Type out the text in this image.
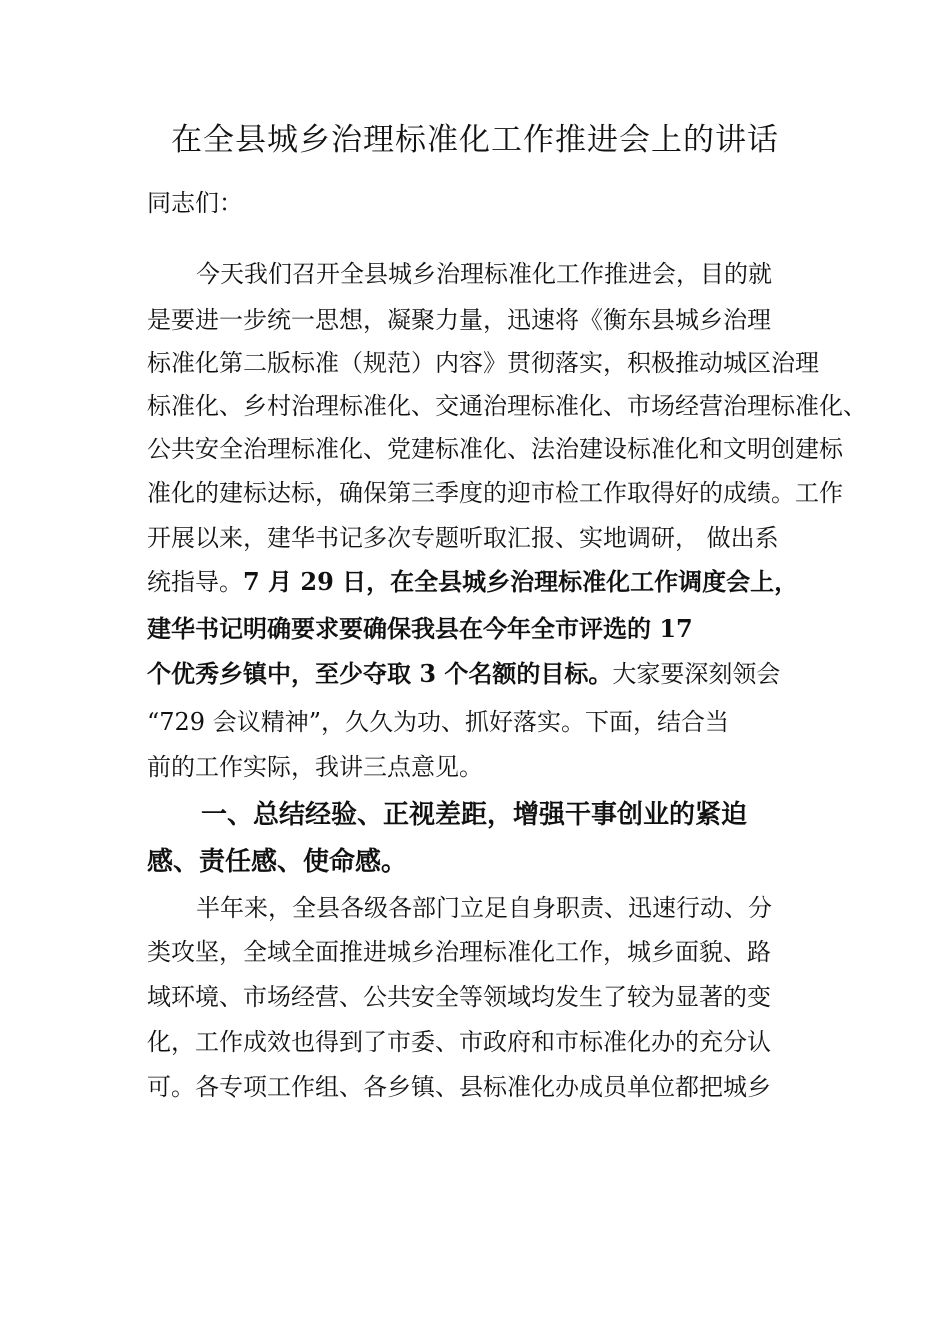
在全县城乡治理标准化工作推进会上的讲话
同志们：
今天我们召开全县城乡治理标准化工作推进会，目的就
是要进一步统一思想，凝聚力量，迅速将《衡东县城乡治理
标准化第二版标准（规范）内容》贯彻落实，积极推动城区治理
标准化、乡村治理标准化、交通治理标准化、市场经营治理标准化、
公共安全治理标准化、党建标准化、法治建设标准化和文明创建标
准化的建标达标，确保第三季度的迎市检工作取得好的成绩。工作
开展以来，建华书记多次专题听取汇报、实地调研， 做出系
统指导。7 月 29 日，在全县城乡治理标准化工作调度会上，
建华书记明确要求要确保我县在今年全市评选的 17
个优秀乡镇中，至少夺取 3 个名额的目标。大家要深刻领会
“729 会议精神”，久久为功、抓好落实。下面，结合当
前的工作实际，我讲三点意见。
一、总结经验、正视差距，增强干事创业的紧迫
感、责任感、使命感。
半年来，全县各级各部门立足自身职责、迅速行动、分
类攻坚，全域全面推进城乡治理标准化工作，城乡面貌、路
域环境、市场经营、公共安全等领域均发生了较为显著的变
化，工作成效也得到了市委、市政府和市标准化办的充分认
可。各专项工作组、各乡镇、县标准化办成员单位都把城乡
